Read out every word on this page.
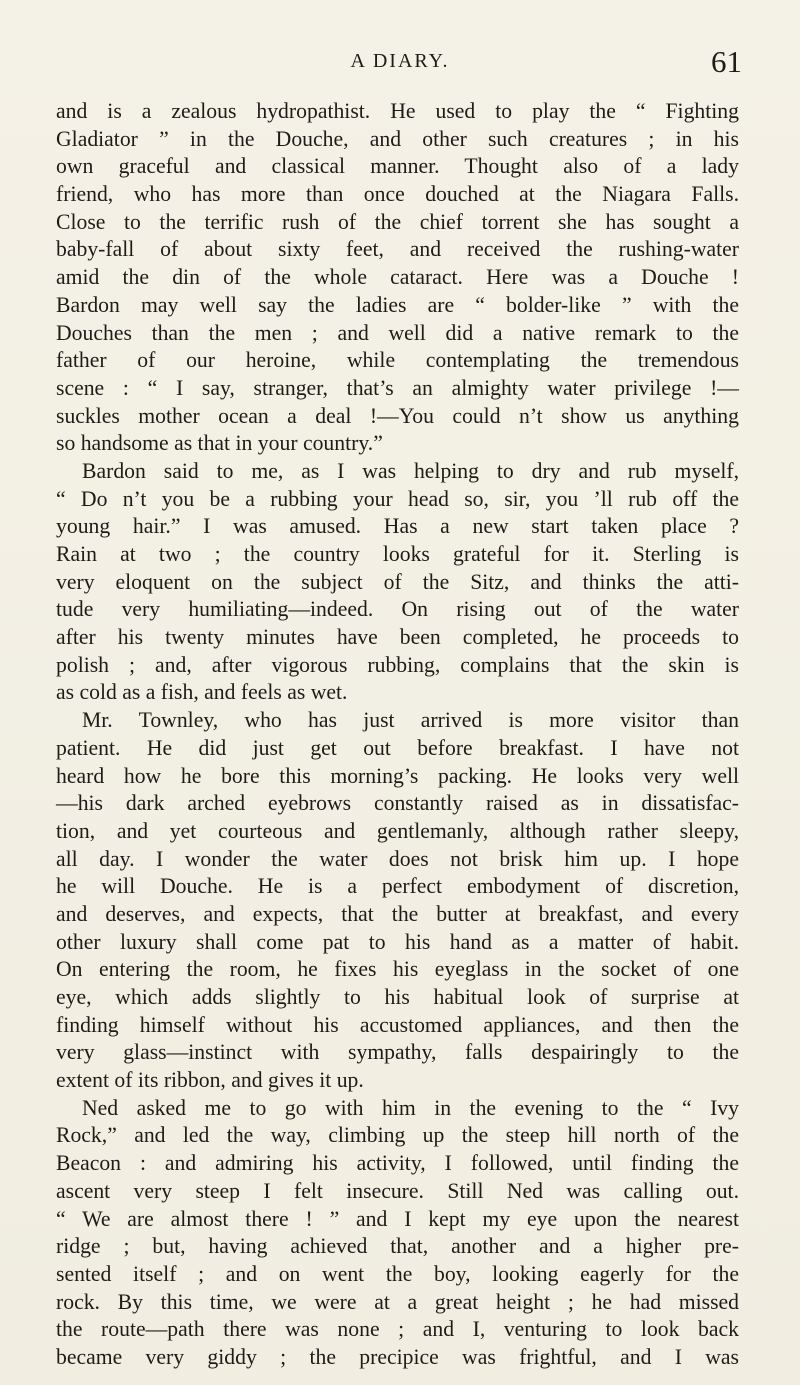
A DIARY.	61
and is a zealous hydropathist. He used to play the “ Fighting
Gladiator ” in the Douche, and other such creatures ; in his
own graceful and classical manner. Thought also of a lady
friend, who has more than once douched at the Niagara Falls.
Close to the terrific rush of the chief torrent she has sought a
baby-fall of about sixty feet, and received the rushing-water
amid the din of the whole cataract. Here was a Douche !
Bardon may well say the ladies are “ bolder-like ” with the
Douches than the men ; and well did a native remark to the
father of our heroine, while contemplating the tremendous
scene : “ I say, stranger, that’s an almighty water privilege !—
suckles mother ocean a deal !—You could n’t show us anything
so handsome as that in your country.”
Bardon said to me, as I was helping to dry and rub myself,
“ Do n’t you be a rubbing your head so, sir, you ’ll rub off the
young hair.” I was amused. Has a new start taken place ?
Rain at two ; the country looks grateful for it. Sterling is
very eloquent on the subject of the Sitz, and thinks the atti-
tude very humiliating—indeed. On rising out of the water
after his twenty minutes have been completed, he proceeds to
polish ; and, after vigorous rubbing, complains that the skin is
as cold as a fish, and feels as wet.
Mr. Townley, who has just arrived is more visitor than
patient. He did just get out before breakfast. I have not
heard how he bore this morning’s packing. He looks very well
—his dark arched eyebrows constantly raised as in dissatisfac-
tion, and yet courteous and gentlemanly, although rather sleepy,
all day. I wonder the water does not brisk him up. I hope
he will Douche. He is a perfect embodyment of discretion,
and deserves, and expects, that the butter at breakfast, and every
other luxury shall come pat to his hand as a matter of habit.
On entering the room, he fixes his eyeglass in the socket of one
eye, which adds slightly to his habitual look of surprise at
finding himself without his accustomed appliances, and then the
very glass—instinct with sympathy, falls despairingly to the
extent of its ribbon, and gives it up.
Ned asked me to go with him in the evening to the “ Ivy
Rock,” and led the way, climbing up the steep hill north of the
Beacon : and admiring his activity, I followed, until finding the
ascent very steep I felt insecure. Still Ned was calling out.
“ We are almost there ! ” and I kept my eye upon the nearest
ridge ; but, having achieved that, another and a higher pre-
sented itself ; and on went the boy, looking eagerly for the
rock. By this time, we were at a great height ; he had missed
the route—path there was none ; and I, venturing to look back
became very giddy ; the precipice was frightful, and I was
